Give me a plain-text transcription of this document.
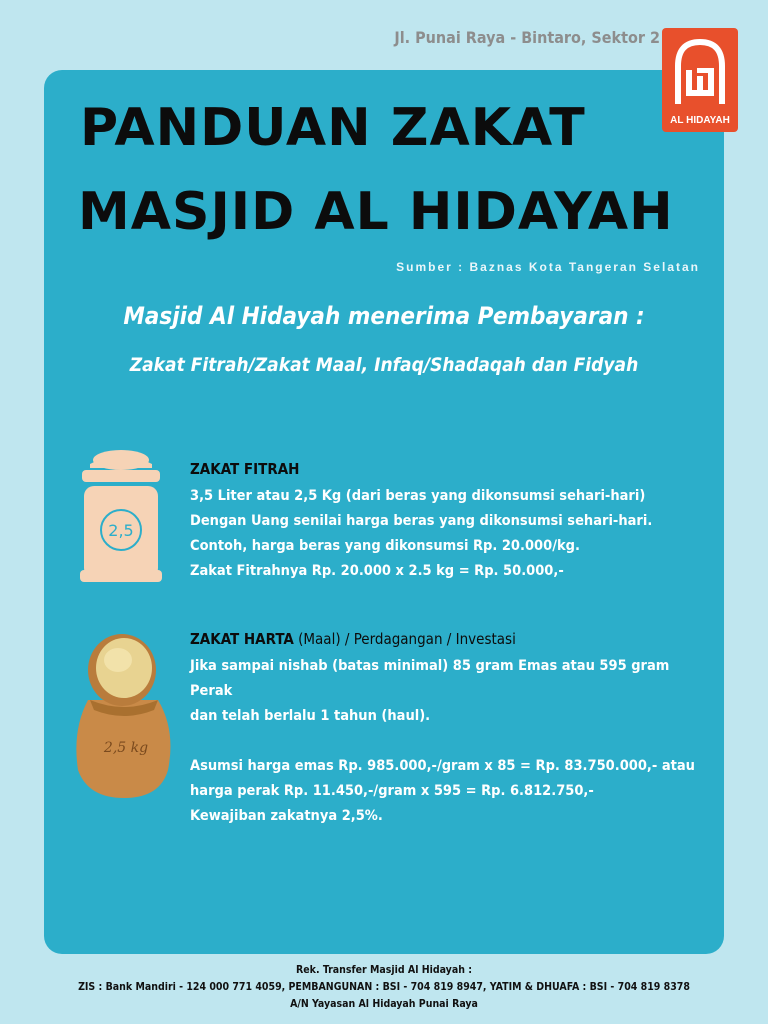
Jl. Punai Raya - Bintaro, Sektor 2
AL HIDAYAH
PANDUAN ZAKAT
MASJID AL HIDAYAH
Sumber : Baznas Kota Tangeran Selatan
Masjid Al Hidayah menerima Pembayaran :
Zakat Fitrah/Zakat Maal, Infaq/Shadaqah dan Fidyah
2,5
ZAKAT FITRAH
3,5 Liter atau 2,5 Kg (dari beras yang dikonsumsi sehari-hari)
Dengan Uang senilai harga beras yang dikonsumsi sehari-hari.
Contoh, harga beras yang dikonsumsi Rp. 20.000/kg.
Zakat Fitrahnya Rp. 20.000 x 2.5 kg = Rp. 50.000,-
2,5 kg
ZAKAT HARTA (Maal) / Perdagangan / Investasi
Jika sampai nishab (batas minimal) 85 gram Emas atau 595 gram Perak
dan telah berlalu 1 tahun (haul).
Asumsi harga emas Rp. 985.000,-/gram x 85 = Rp. 83.750.000,- atau
harga perak Rp. 11.450,-/gram x 595 = Rp. 6.812.750,-
Kewajiban zakatnya 2,5%.
Rek. Transfer Masjid Al Hidayah :
ZIS : Bank Mandiri - 124 000 771 4059, PEMBANGUNAN : BSI - 704 819 8947, YATIM & DHUAFA : BSI - 704 819 8378
A/N Yayasan Al Hidayah Punai Raya
